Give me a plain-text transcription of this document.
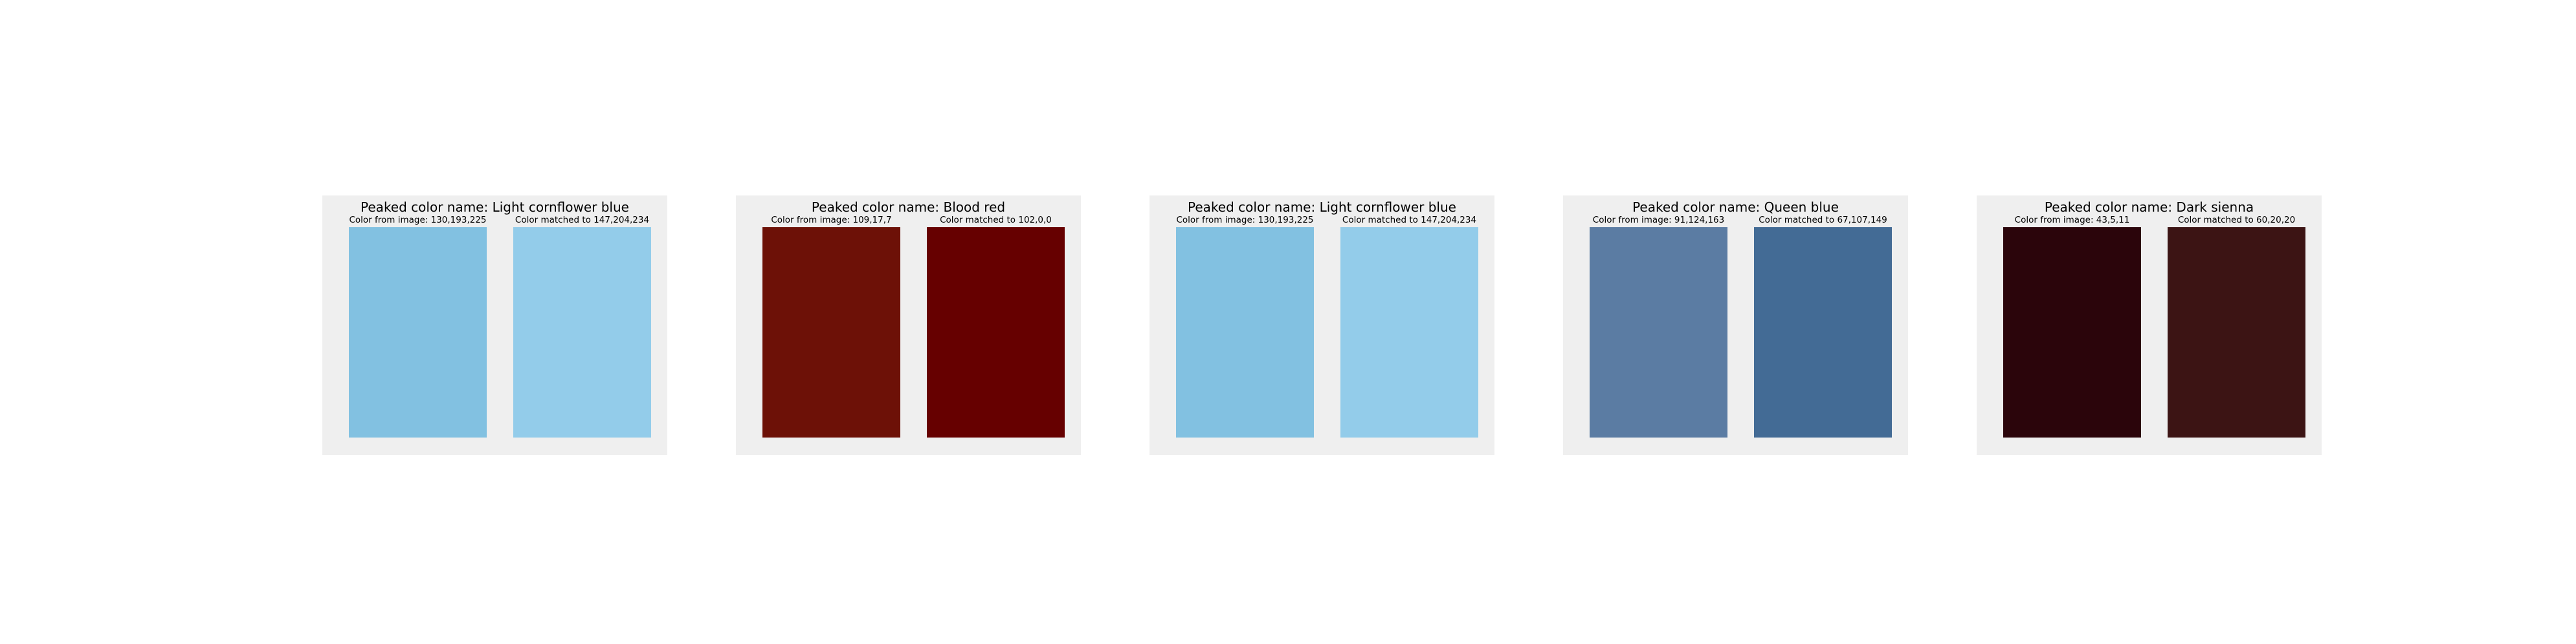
Peaked color name: Light cornflower blue
Color from image: 130,193,225	Color matched to 147,204,234
Peaked color name: Blood red
Color from image: 109,17,7	Color matched to 102,0,0
Peaked color name: Light cornflower blue
Color from image: 130,193,225	Color matched to 147,204,234
Peaked color name: Queen blue
Color from image: 91,124,163	Color matched to 67,107,149
Peaked color name: Dark sienna
Color from image: 43,5,11	Color matched to 60,20,20
